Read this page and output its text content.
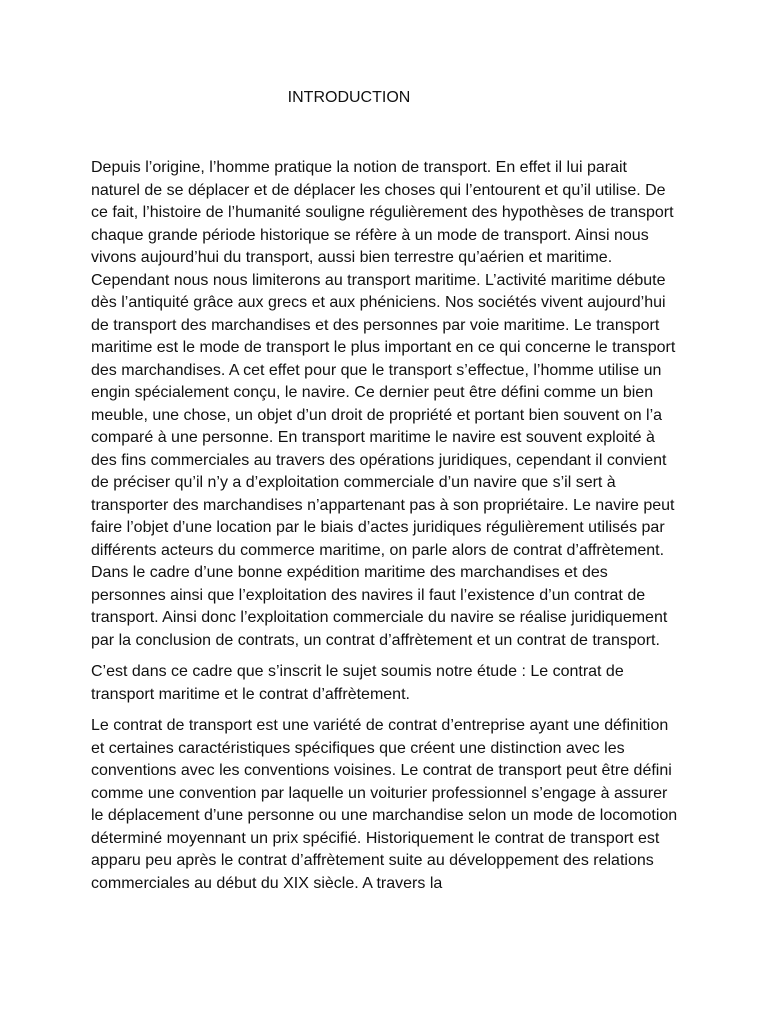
INTRODUCTION

Depuis l’origine, l’homme pratique la notion de transport. En effet il lui parait naturel de se déplacer et de déplacer les choses qui l’entourent et qu’il utilise. De ce fait, l’histoire de l’humanité souligne régulièrement des hypothèses de transport chaque grande période historique se réfère à un mode de transport. Ainsi nous vivons aujourd’hui du transport, aussi bien terrestre qu’aérien et maritime. Cependant nous nous limiterons au transport maritime. L’activité maritime débute dès l’antiquité grâce aux grecs et aux phéniciens. Nos sociétés vivent aujourd’hui de transport des marchandises et des personnes par voie maritime. Le transport maritime est le mode de transport le plus important en ce qui concerne le transport des marchandises. A cet effet pour que le transport s’effectue, l’homme utilise un engin spécialement conçu, le navire. Ce dernier peut être défini comme un bien meuble, une chose, un objet d’un droit de propriété et portant bien souvent on l’a comparé à une personne. En transport maritime le navire est souvent exploité à des fins commerciales au travers des opérations juridiques, cependant il convient de préciser qu’il n’y a d’exploitation commerciale d’un navire que s’il sert à transporter des marchandises n’appartenant pas à son propriétaire. Le navire peut faire l’objet d’une location par le biais d’actes juridiques régulièrement utilisés par différents acteurs du commerce maritime, on parle alors de contrat d’affrètement. Dans le cadre d’une bonne expédition maritime des marchandises et des personnes ainsi que l’exploitation des navires il faut l’existence d’un contrat de transport. Ainsi donc l’exploitation commerciale du navire se réalise juridiquement par la conclusion de contrats, un contrat d’affrètement et un contrat de transport.

C’est dans ce cadre que s’inscrit le sujet soumis notre étude : Le contrat de transport maritime et le contrat d’affrètement.

Le contrat de transport est une variété de contrat d’entreprise ayant une définition et certaines caractéristiques spécifiques que créent une distinction avec les conventions avec les conventions voisines. Le contrat de transport peut être défini comme une convention par laquelle un voiturier professionnel s’engage à assurer le déplacement d’une personne ou une marchandise selon un mode de locomotion déterminé moyennant un prix spécifié. Historiquement le contrat de transport est apparu peu après le contrat d’affrètement suite au développement des relations commerciales au début du XIX siècle. A travers la
